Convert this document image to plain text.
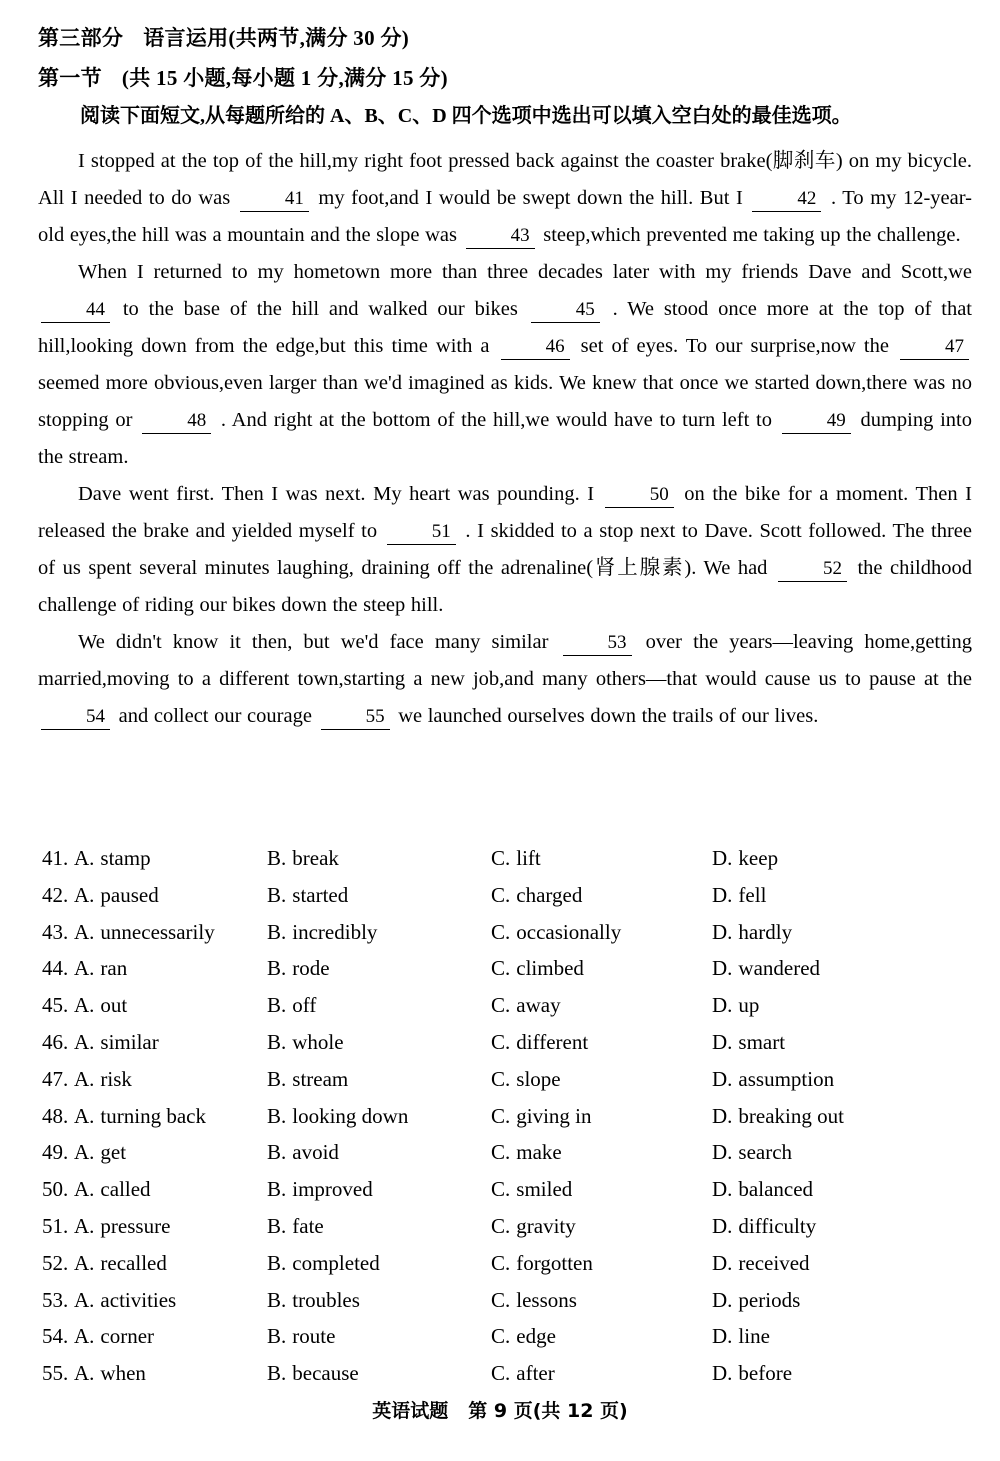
第三部分 语言运用(共两节,满分 30 分)
第一节 (共 15 小题,每小题 1 分,满分 15 分)
阅读下面短文,从每题所给的 A、B、C、D 四个选项中选出可以填入空白处的最佳选项。
I stopped at the top of the hill,my right foot pressed back against the coaster brake(脚刹车) on my bicycle. All I needed to do was	41 my foot,and I would be swept down the hill. But I	42 . To my 12-year-old eyes,the hill was a mountain and the slope was	43 steep,which prevented me taking up the challenge.
When I returned to my hometown more than three decades later with my friends Dave and Scott,we 44 to the base of the hill and walked our bikes	45 . We stood once more at the top of that hill,looking down from the edge,but this time with a	46 set of eyes. To our surprise,now the	47 seemed more obvious,even larger than we'd imagined as kids. We knew that once we started down,there was no stopping or	48 . And right at the bottom of the hill,we would have to turn left to	49 dumping into the stream.
Dave went first. Then I was next. My heart was pounding. I	50 on the bike for a moment. Then I released the brake and yielded myself to	51 . I skidded to a stop next to Dave. Scott followed. The three of us spent several minutes laughing, draining off the adrenaline(肾上腺素). We had	52 the childhood challenge of riding our bikes down the steep hill.
We didn't know it then, but we'd face many similar	53 over the years—leaving home,getting married,moving to a different town,starting a new job,and many others—that would cause us to pause at the 54 and collect our courage	55 we launched ourselves down the trails of our lives.
41. A. stamp	B. break	C. lift	D. keep
42. A. paused	B. started	C. charged	D. fell
43. A. unnecessarily B. incredibly	C. occasionally	D. hardly
44. A. ran	B. rode	C. climbed	D. wandered
45. A. out	B. off	C. away	D. up
46. A. similar	B. whole	C. different	D. smart
47. A. risk	B. stream	C. slope	D. assumption
48. A. turning back	B. looking down	C. giving in	D. breaking out
49. A. get	B. avoid	C. make	D. search
50. A. called	B. improved	C. smiled	D. balanced
51. A. pressure	B. fate	C. gravity	D. difficulty
52. A. recalled	B. completed	C. forgotten	D. received
53. A. activities	B. troubles	C. lessons	D. periods
54. A. corner	B. route	C. edge	D. line
55. A. when	B. because	C. after	D. before
英语试题 第 9 页(共 12 页)
